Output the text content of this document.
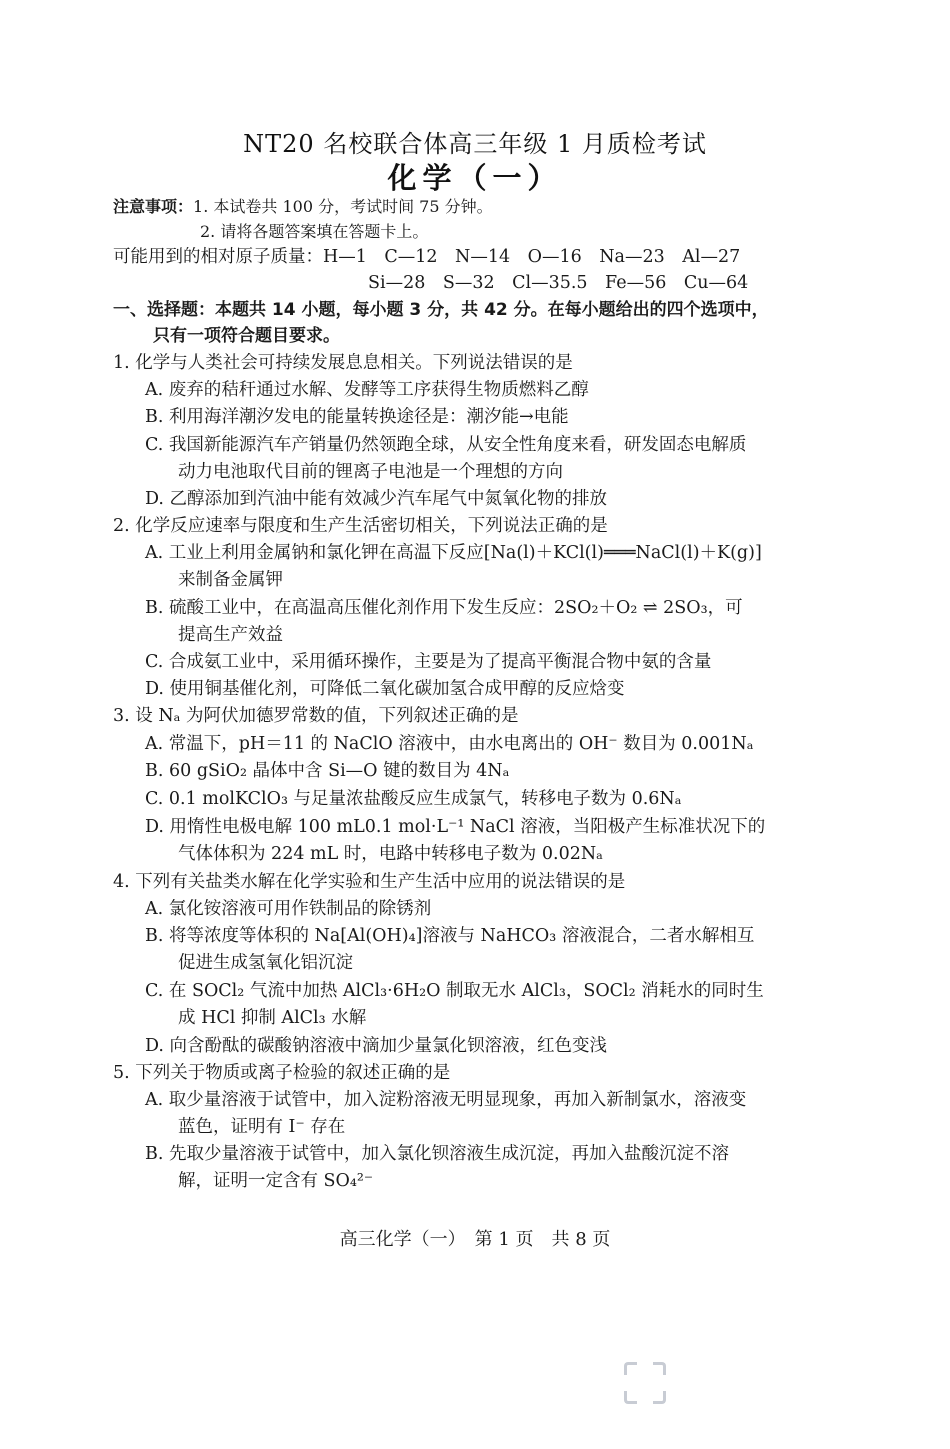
NT20 名校联合体高三年级 1 月质检考试
化学（一）
注意事项：1. 本试卷共 100 分，考试时间 75 分钟。
2. 请将各题答案填在答题卡上。
可能用到的相对原子质量：H—1　C—12　N—14　O—16　Na—23　Al—27
Si—28　S—32　Cl—35.5　Fe—56　Cu—64
一、选择题：本题共 14 小题，每小题 3 分，共 42 分。在每小题给出的四个选项中，
只有一项符合题目要求。
1. 化学与人类社会可持续发展息息相关。下列说法错误的是
A. 废弃的秸秆通过水解、发酵等工序获得生物质燃料乙醇
B. 利用海洋潮汐发电的能量转换途径是：潮汐能→电能
C. 我国新能源汽车产销量仍然领跑全球，从安全性角度来看，研发固态电解质
动力电池取代目前的锂离子电池是一个理想的方向
D. 乙醇添加到汽油中能有效减少汽车尾气中氮氧化物的排放
2. 化学反应速率与限度和生产生活密切相关，下列说法正确的是
A. 工业上利用金属钠和氯化钾在高温下反应[Na(l)＋KCl(l)═══NaCl(l)＋K(g)]
来制备金属钾
B. 硫酸工业中，在高温高压催化剂作用下发生反应：2SO₂＋O₂ ⇌ 2SO₃，可
提高生产效益
C. 合成氨工业中，采用循环操作，主要是为了提高平衡混合物中氨的含量
D. 使用铜基催化剂，可降低二氧化碳加氢合成甲醇的反应焓变
3. 设 Nₐ 为阿伏加德罗常数的值，下列叙述正确的是
A. 常温下，pH＝11 的 NaClO 溶液中，由水电离出的 OH⁻ 数目为 0.001Nₐ
B. 60 gSiO₂ 晶体中含 Si—O 键的数目为 4Nₐ
C. 0.1 molKClO₃ 与足量浓盐酸反应生成氯气，转移电子数为 0.6Nₐ
D. 用惰性电极电解 100 mL0.1 mol·L⁻¹ NaCl 溶液，当阳极产生标准状况下的
气体体积为 224 mL 时，电路中转移电子数为 0.02Nₐ
4. 下列有关盐类水解在化学实验和生产生活中应用的说法错误的是
A. 氯化铵溶液可用作铁制品的除锈剂
B. 将等浓度等体积的 Na[Al(OH)₄]溶液与 NaHCO₃ 溶液混合，二者水解相互
促进生成氢氧化铝沉淀
C. 在 SOCl₂ 气流中加热 AlCl₃·6H₂O 制取无水 AlCl₃，SOCl₂ 消耗水的同时生
成 HCl 抑制 AlCl₃ 水解
D. 向含酚酞的碳酸钠溶液中滴加少量氯化钡溶液，红色变浅
5. 下列关于物质或离子检验的叙述正确的是
A. 取少量溶液于试管中，加入淀粉溶液无明显现象，再加入新制氯水，溶液变
蓝色，证明有 I⁻ 存在
B. 先取少量溶液于试管中，加入氯化钡溶液生成沉淀，再加入盐酸沉淀不溶
解，证明一定含有 SO₄²⁻
高三化学（一）　第 1 页　共 8 页
